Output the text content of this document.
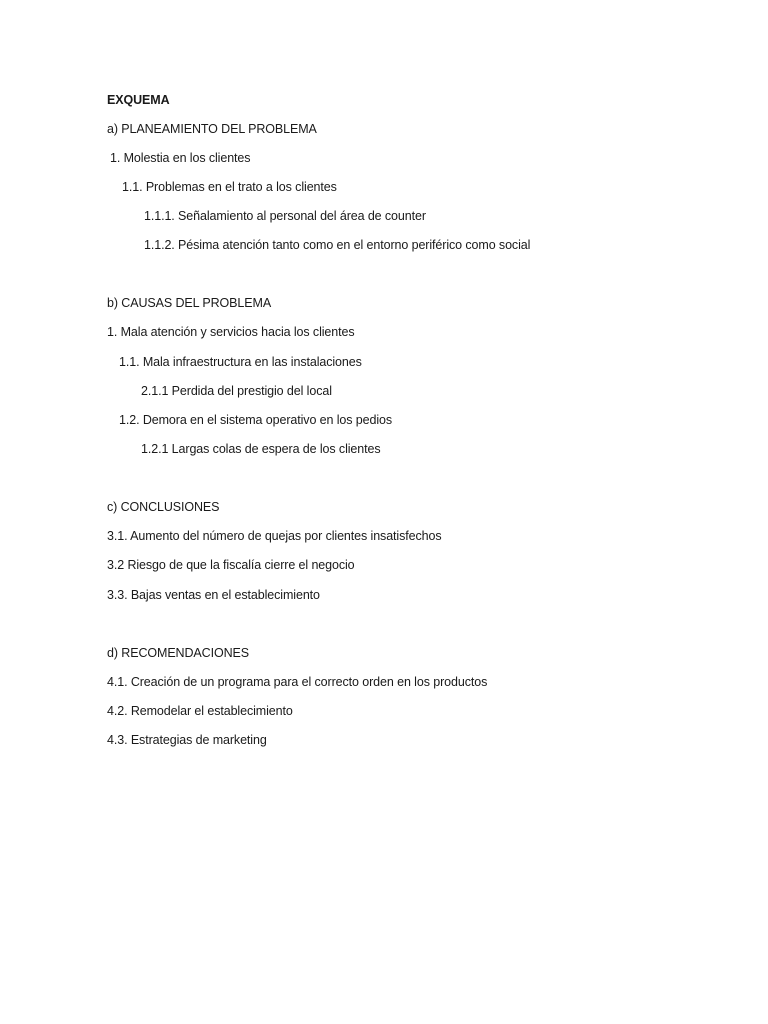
EXQUEMA
a) PLANEAMIENTO DEL PROBLEMA
1. Molestia en los clientes
1.1. Problemas en el trato a los clientes
1.1.1. Señalamiento al personal del área de counter
1.1.2. Pésima atención tanto como en el entorno periférico como social
b) CAUSAS DEL PROBLEMA
1. Mala atención y servicios hacia los clientes
1.1. Mala infraestructura en las instalaciones
2.1.1 Perdida del prestigio del local
1.2. Demora en el sistema operativo en los pedios
1.2.1 Largas colas de espera de los clientes
c) CONCLUSIONES
3.1. Aumento del número de quejas por clientes insatisfechos
3.2 Riesgo de que la fiscalía cierre el negocio
3.3. Bajas ventas en el establecimiento
d) RECOMENDACIONES
4.1. Creación de un programa para el correcto orden en los productos
4.2. Remodelar el establecimiento
4.3. Estrategias de marketing
